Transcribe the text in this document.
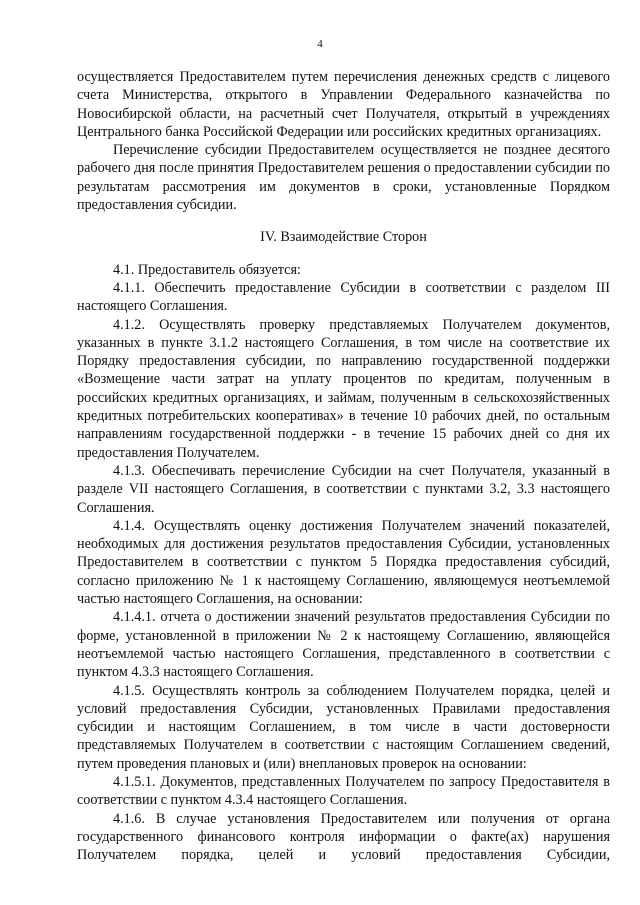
4

осуществляется Предоставителем путем перечисления денежных средств с лицевого счета Министерства, открытого в Управлении Федерального казначейства по Новосибирской области, на расчетный счет Получателя, открытый в учреждениях Центрального банка Российской Федерации или российских кредитных организациях.

Перечисление субсидии Предоставителем осуществляется не позднее десятого рабочего дня после принятия Предоставителем решения о предоставлении субсидии по результатам рассмотрения им документов в сроки, установленные Порядком предоставления субсидии.

IV. Взаимодействие Сторон

4.1. Предоставитель обязуется:

4.1.1. Обеспечить предоставление Субсидии в соответствии с разделом III настоящего Соглашения.

4.1.2. Осуществлять проверку представляемых Получателем документов, указанных в пункте 3.1.2 настоящего Соглашения, в том числе на соответствие их Порядку предоставления субсидии, по направлению государственной поддержки «Возмещение части затрат на уплату процентов по кредитам, полученным в российских кредитных организациях, и займам, полученным в сельскохозяйственных кредитных потребительских кооперативах» в течение 10 рабочих дней, по остальным направлениям государственной поддержки - в течение 15 рабочих дней со дня их предоставления Получателем.

4.1.3. Обеспечивать перечисление Субсидии на счет Получателя, указанный в разделе VII настоящего Соглашения, в соответствии с пунктами 3.2, 3.3 настоящего Соглашения.

4.1.4. Осуществлять оценку достижения Получателем значений показателей, необходимых для достижения результатов предоставления Субсидии, установленных Предоставителем в соответствии с пунктом 5 Порядка предоставления субсидий, согласно приложению № 1 к настоящему Соглашению, являющемуся неотъемлемой частью настоящего Соглашения, на основании:

4.1.4.1. отчета о достижении значений результатов предоставления Субсидии по форме, установленной в приложении № 2 к настоящему Соглашению, являющейся неотъемлемой частью настоящего Соглашения, представленного в соответствии с пунктом 4.3.3 настоящего Соглашения.

4.1.5. Осуществлять контроль за соблюдением Получателем порядка, целей и условий предоставления Субсидии, установленных Правилами предоставления субсидии и настоящим Соглашением, в том числе в части достоверности представляемых Получателем в соответствии с настоящим Соглашением сведений, путем проведения плановых и (или) внеплановых проверок на основании:

4.1.5.1. Документов, представленных Получателем по запросу Предоставителя в соответствии с пунктом 4.3.4 настоящего Соглашения.

4.1.6. В случае установления Предоставителем или получения от органа государственного финансового контроля информации о факте(ах) нарушения Получателем порядка, целей и условий предоставления Субсидии,
